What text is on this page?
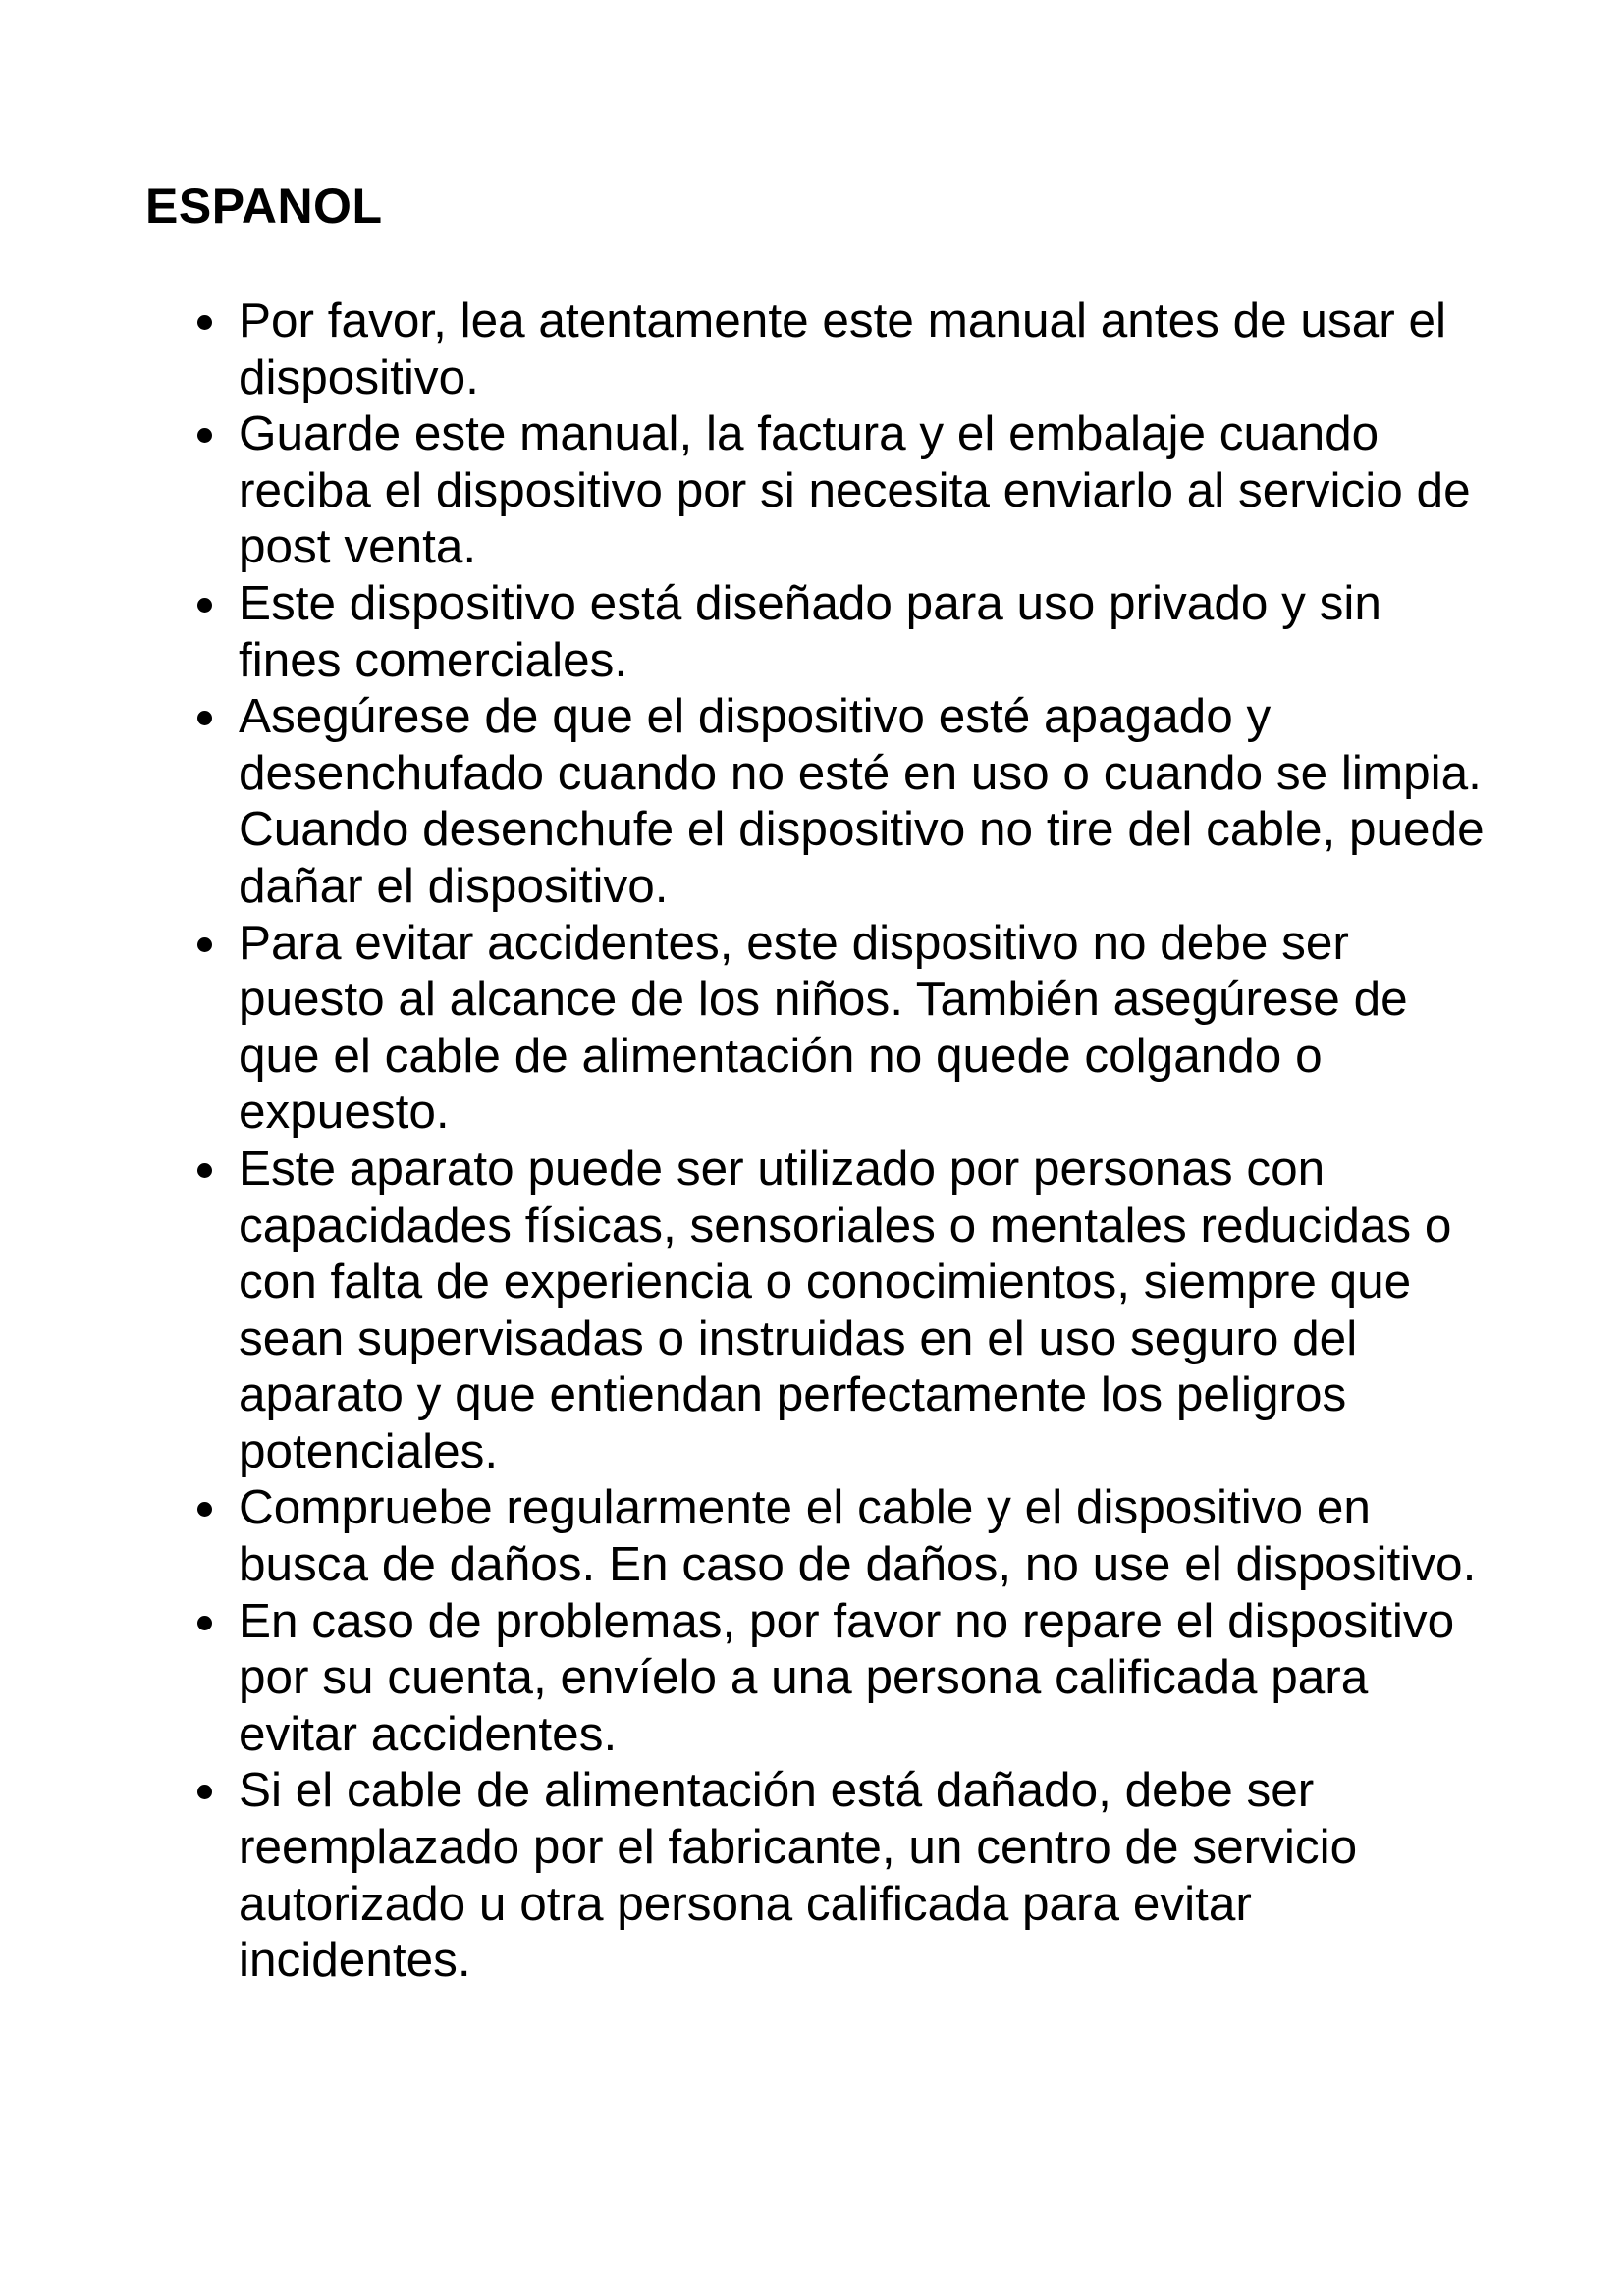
ESPANOL
Por favor, lea atentamente este manual antes de usar el dispositivo.
Guarde este manual, la factura y el embalaje cuando reciba el dispositivo por si necesita enviarlo al servicio de post venta.
Este dispositivo está diseñado para uso privado y sin fines comerciales.
Asegúrese de que el dispositivo esté apagado y desenchufado cuando no esté en uso o cuando se limpia. Cuando desenchufe el dispositivo no tire del cable, puede dañar el dispositivo.
Para evitar accidentes, este dispositivo no debe ser puesto al alcance de los niños. También asegúrese de que el cable de alimentación no quede colgando o expuesto.
Este aparato puede ser utilizado por personas con capacidades físicas, sensoriales o mentales reducidas o con falta de experiencia o conocimientos, siempre que sean supervisadas o instruidas en el uso seguro del aparato y que entiendan perfectamente los peligros potenciales.
Compruebe regularmente el cable y el dispositivo en busca de daños. En caso de daños, no use el dispositivo.
En caso de problemas, por favor no repare el dispositivo por su cuenta, envíelo a una persona calificada para evitar accidentes.
Si el cable de alimentación está dañado, debe ser reemplazado por el fabricante, un centro de servicio autorizado u otra persona calificada para evitar incidentes.
